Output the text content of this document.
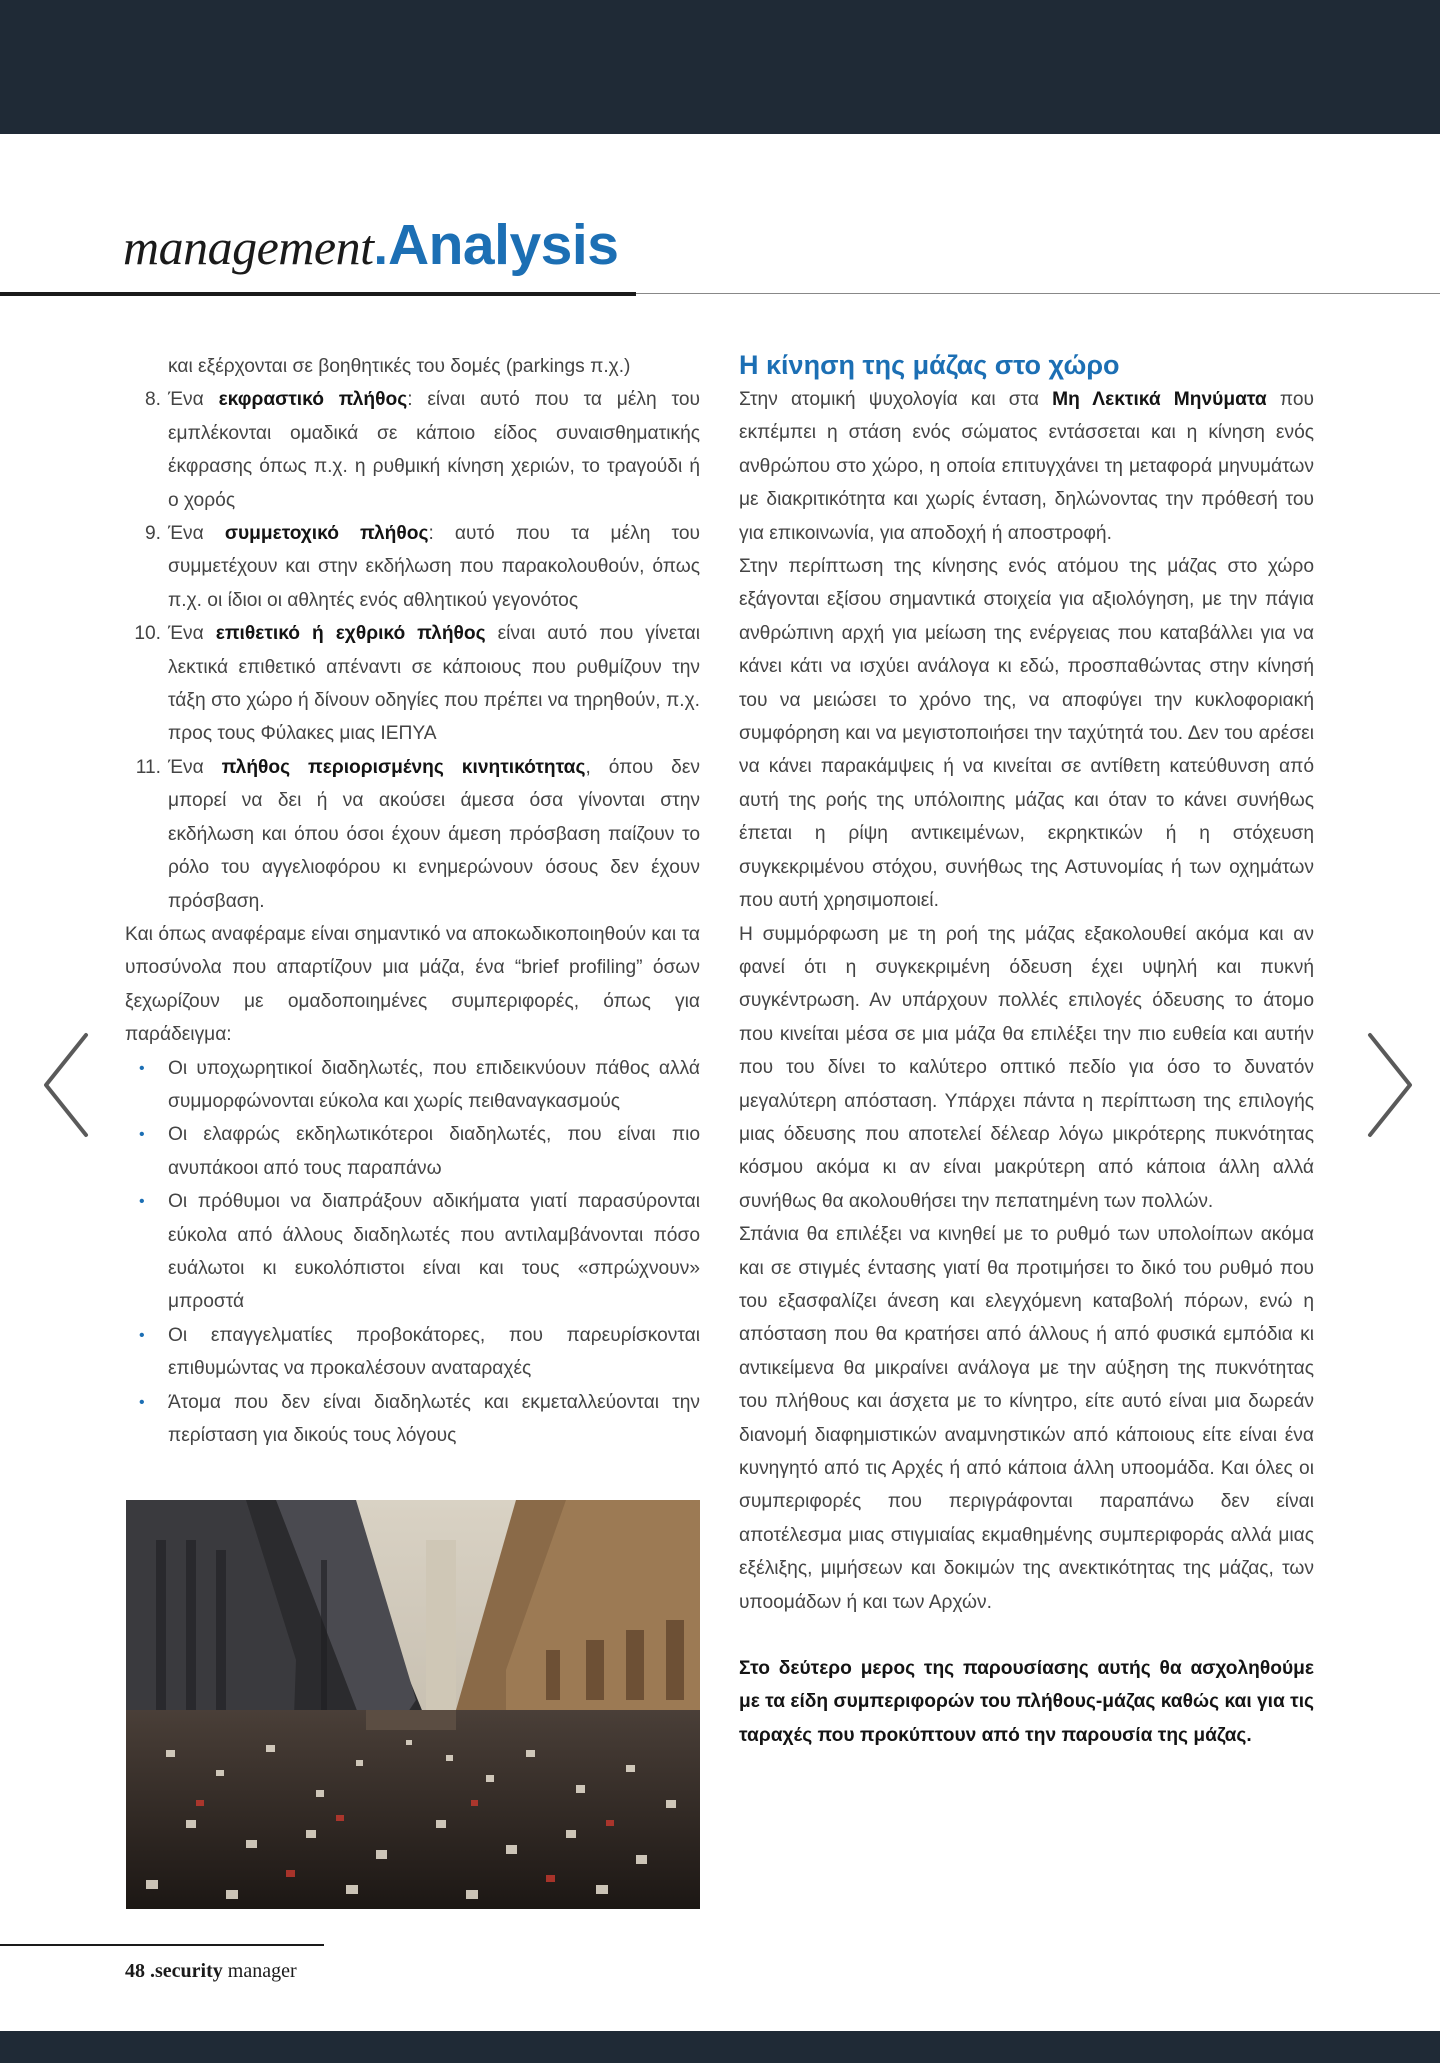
management.Analysis
και εξέρχονται σε βοηθητικές του δομές (parkings π.χ.)
8. Ένα εκφραστικό πλήθος: είναι αυτό που τα μέλη του εμπλέκονται ομαδικά σε κάποιο είδος συναισθηματικής έκφρασης όπως π.χ. η ρυθμική κίνηση χεριών, το τραγούδι ή ο χορός
9. Ένα συμμετοχικό πλήθος: αυτό που τα μέλη του συμμετέχουν και στην εκδήλωση που παρακολουθούν, όπως π.χ. οι ίδιοι οι αθλητές ενός αθλητικού γεγονότος
10. Ένα επιθετικό ή εχθρικό πλήθος είναι αυτό που γίνεται λεκτικά επιθετικό απέναντι σε κάποιους που ρυθμίζουν την τάξη στο χώρο ή δίνουν οδηγίες που πρέπει να τηρηθούν, π.χ. προς τους Φύλακες μιας ΙΕΠΥΑ
11. Ένα πλήθος περιορισμένης κινητικότητας, όπου δεν μπορεί να δει ή να ακούσει άμεσα όσα γίνονται στην εκδήλωση και όπου όσοι έχουν άμεση πρόσβαση παίζουν το ρόλο του αγγελιοφόρου κι ενημερώνουν όσους δεν έχουν πρόσβαση.
Και όπως αναφέραμε είναι σημαντικό να αποκωδικοποιηθούν και τα υποσύνολα που απαρτίζουν μια μάζα, ένα “brief profiling” όσων ξεχωρίζουν με ομαδοποιημένες συμπεριφορές, όπως για παράδειγμα:
•	Οι υποχωρητικοί διαδηλωτές, που επιδεικνύουν πάθος αλλά συμμορφώνονται εύκολα και χωρίς πειθαναγκασμούς
•	Οι ελαφρώς εκδηλωτικότεροι διαδηλωτές, που είναι πιο ανυπάκοοι από τους παραπάνω
•	Οι πρόθυμοι να διαπράξουν αδικήματα γιατί παρασύρονται εύκολα από άλλους διαδηλωτές που αντιλαμβάνονται πόσο ευάλωτοι κι ευκολόπιστοι είναι και τους «σπρώχνουν» μπροστά
•	Οι επαγγελματίες προβοκάτορες, που παρευρίσκονται επιθυμώντας να προκαλέσουν αναταραχές
•	Άτομα που δεν είναι διαδηλωτές και εκμεταλλεύονται την περίσταση για δικούς τους λόγους
Η κίνηση της μάζας στο χώρο
Στην ατομική ψυχολογία και στα Μη Λεκτικά Μηνύματα που εκπέμπει η στάση ενός σώματος εντάσσεται και η κίνηση ενός ανθρώπου στο χώρο, η οποία επιτυγχάνει τη μεταφορά μηνυμάτων με διακριτικότητα και χωρίς ένταση, δηλώνοντας την πρόθεσή του για επικοινωνία, για αποδοχή ή αποστροφή.
Στην περίπτωση της κίνησης ενός ατόμου της μάζας στο χώρο εξάγονται εξίσου σημαντικά στοιχεία για αξιολόγηση, με την πάγια ανθρώπινη αρχή για μείωση της ενέργειας που καταβάλλει για να κάνει κάτι να ισχύει ανάλογα κι εδώ, προσπαθώντας στην κίνησή του να μειώσει το χρόνο της, να αποφύγει την κυκλοφοριακή συμφόρηση και να μεγιστοποιήσει την ταχύτητά του. Δεν του αρέσει να κάνει παρακάμψεις ή να κινείται σε αντίθετη κατεύθυνση από αυτή της ροής της υπόλοιπης μάζας και όταν το κάνει συνήθως έπεται η ρίψη αντικειμένων, εκρηκτικών ή η στόχευση συγκεκριμένου στόχου, συνήθως της Αστυνομίας ή των οχημάτων που αυτή χρησιμοποιεί.
Η συμμόρφωση με τη ροή της μάζας εξακολουθεί ακόμα και αν φανεί ότι η συγκεκριμένη όδευση έχει υψηλή και πυκνή συγκέντρωση. Αν υπάρχουν πολλές επιλογές όδευσης το άτομο που κινείται μέσα σε μια μάζα θα επιλέξει την πιο ευθεία και αυτήν που του δίνει το καλύτερο οπτικό πεδίο για όσο το δυνατόν μεγαλύτερη απόσταση. Υπάρχει πάντα η περίπτωση της επιλογής μιας όδευσης που αποτελεί δέλεαρ λόγω μικρότερης πυκνότητας κόσμου ακόμα κι αν είναι μακρύτερη από κάποια άλλη αλλά συνήθως θα ακολουθήσει την πεπατημένη των πολλών.
Σπάνια θα επιλέξει να κινηθεί με το ρυθμό των υπολοίπων ακόμα και σε στιγμές έντασης γιατί θα προτιμήσει το δικό του ρυθμό που του εξασφαλίζει άνεση και ελεγχόμενη καταβολή πόρων, ενώ η απόσταση που θα κρατήσει από άλλους ή από φυσικά εμπόδια κι αντικείμενα θα μικραίνει ανάλογα με την αύξηση της πυκνότητας του πλήθους και άσχετα με το κίνητρο, είτε αυτό είναι μια δωρεάν διανομή διαφημιστικών αναμνηστικών από κάποιους είτε είναι ένα κυνηγητό από τις Αρχές ή από κάποια άλλη υποομάδα. Και όλες οι συμπεριφορές που περιγράφονται παραπάνω δεν είναι αποτέλεσμα μιας στιγμιαίας εκμαθημένης συμπεριφοράς αλλά μιας εξέλιξης, μιμήσεων και δοκιμών της ανεκτικότητας της μάζας, των υποομάδων ή και των Αρχών.
Στο δεύτερο μερος της παρουσίασης αυτής θα ασχοληθούμε με τα είδη συμπεριφορών του πλήθους-μάζας καθώς και για τις ταραχές που προκύπτουν από την παρουσία της μάζας.
48 .security manager
